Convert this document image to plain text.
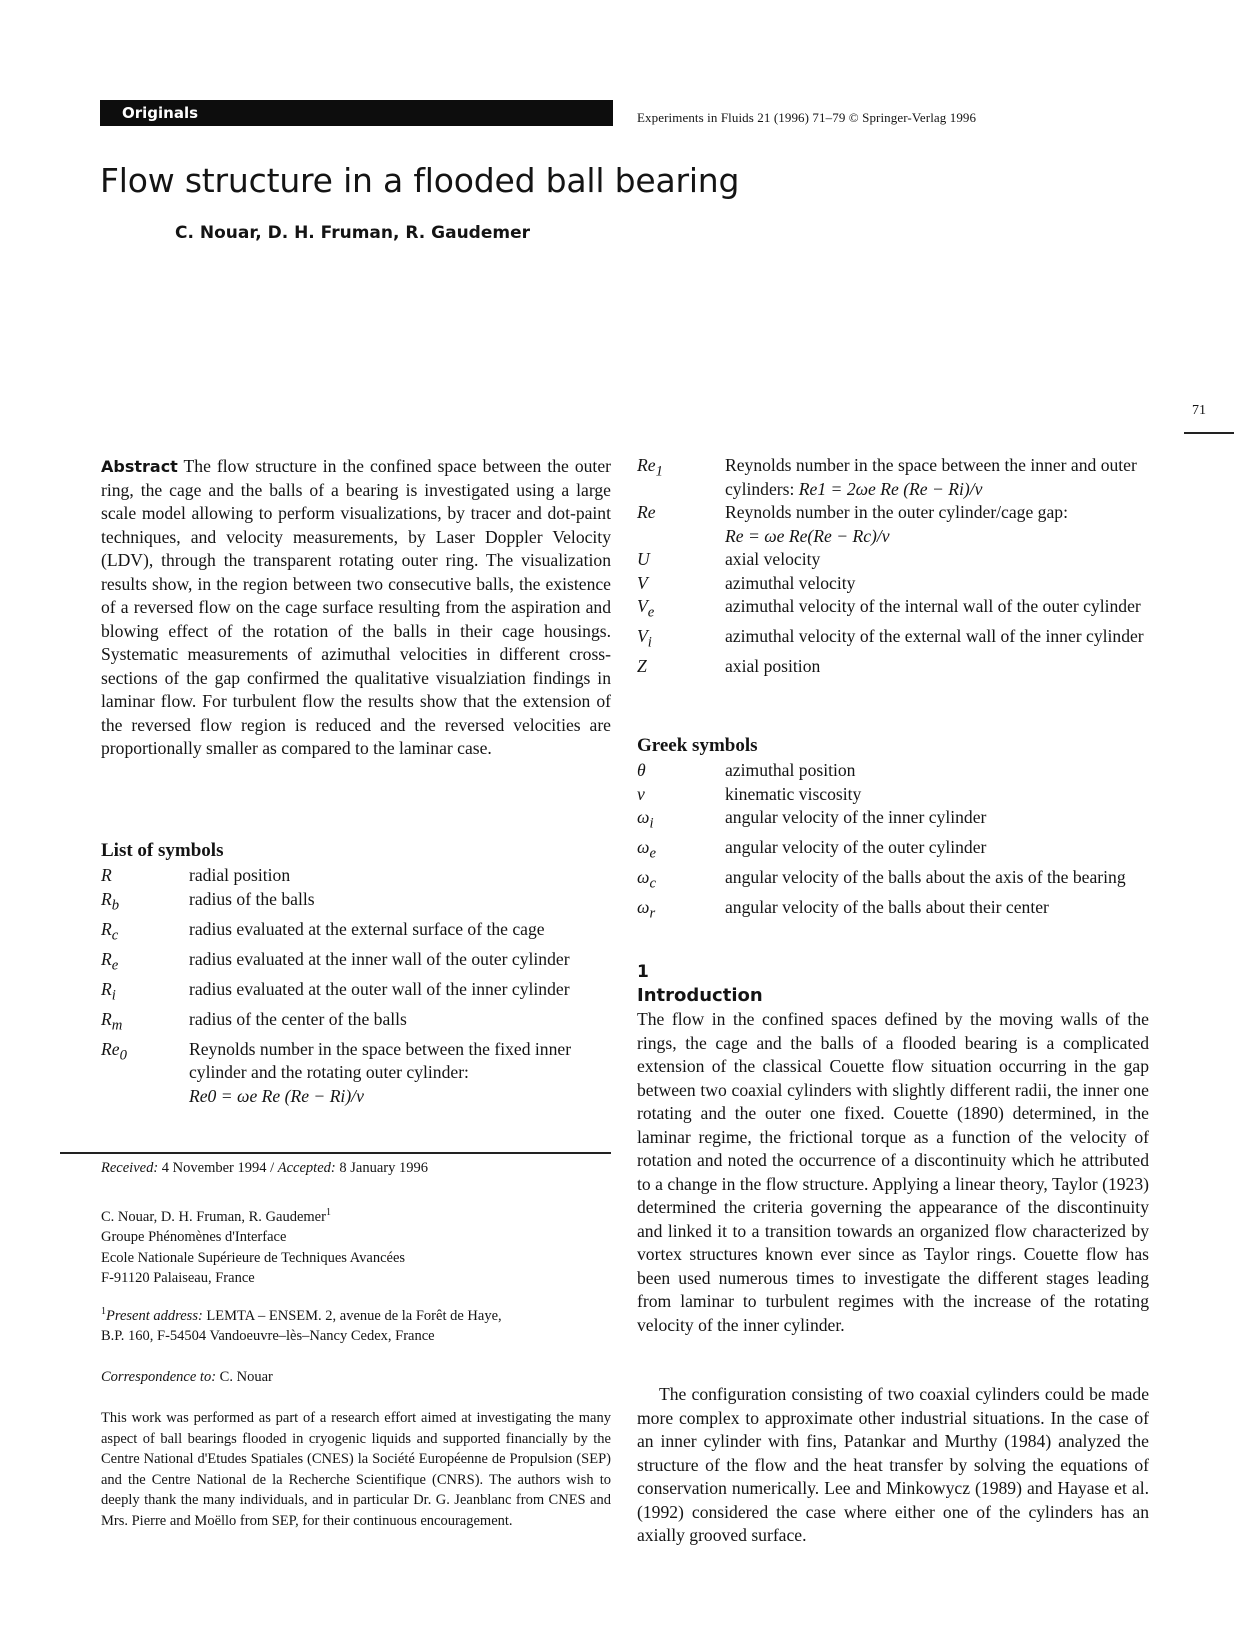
Originals	Experiments in Fluids 21 (1996) 71–79 © Springer-Verlag 1996
Flow structure in a flooded ball bearing
C. Nouar, D. H. Fruman, R. Gaudemer
71
Abstract The flow structure in the confined space between the outer ring, the cage and the balls of a bearing is investigated using a large scale model allowing to perform visualizations, by tracer and dot-paint techniques, and velocity measurements, by Laser Doppler Velocity (LDV), through the transparent rotating outer ring. The visualization results show, in the region between two consecutive balls, the existence of a reversed flow on the cage surface resulting from the aspiration and blowing effect of the rotation of the balls in their cage housings. Systematic measurements of azimuthal velocities in different cross-sections of the gap confirmed the qualitative visualziation findings in laminar flow. For turbulent flow the results show that the extension of the reversed flow region is reduced and the reversed velocities are proportionally smaller as compared to the laminar case.
List of symbols
R	radial position
$R_b$	radius of the balls
$R_c$	radius evaluated at the external surface of the cage
$R_e$	radius evaluated at the inner wall of the outer cylinder
$R_i$	radius evaluated at the outer wall of the inner cylinder
$R_m$	radius of the center of the balls
$Re_0$	Reynolds number in the space between the fixed inner cylinder and the rotating outer cylinder:
Re0 = ωe Re (Re − Ri)/ν
$Re_1$	Reynolds number in the space between the inner and outer cylinders: Re1 = 2ωe Re (Re − Ri)/ν
Re	Reynolds number in the outer cylinder/cage gap:
Re = ωe Re(Re − Rc)/ν
U	axial velocity
V	azimuthal velocity
$V_e$	azimuthal velocity of the internal wall of the outer cylinder
$V_i$	azimuthal velocity of the external wall of the inner cylinder
Z	axial position
Greek symbols
θ	azimuthal position
ν	kinematic viscosity
$\omega_i$	angular velocity of the inner cylinder
$\omega_e$	angular velocity of the outer cylinder
$\omega_c$	angular velocity of the balls about the axis of the bearing
$\omega_r$	angular velocity of the balls about their center
Received: 4 November 1994 / Accepted: 8 January 1996
C. Nouar, D. H. Fruman, R. Gaudemer$^1$
Groupe Phénomènes d'Interface
Ecole Nationale Supérieure de Techniques Avancées
F-91120 Palaiseau, France
$^1$Present address: LEMTA – ENSEM. 2, avenue de la Forêt de Haye,
B.P. 160, F-54504 Vandoeuvre–lès–Nancy Cedex, France
Correspondence to: C. Nouar
This work was performed as part of a research effort aimed at investigating the many aspect of ball bearings flooded in cryogenic liquids and supported financially by the Centre National d'Etudes Spatiales (CNES) la Société Européenne de Propulsion (SEP) and the Centre National de la Recherche Scientifique (CNRS). The authors wish to deeply thank the many individuals, and in particular Dr. G. Jeanblanc from CNES and Mrs. Pierre and Moëllo from SEP, for their continuous encouragement.
1
Introduction
The flow in the confined spaces defined by the moving walls of the rings, the cage and the balls of a flooded bearing is a complicated extension of the classical Couette flow situation occurring in the gap between two coaxial cylinders with slightly different radii, the inner one rotating and the outer one fixed. Couette (1890) determined, in the laminar regime, the frictional torque as a function of the velocity of rotation and noted the occurrence of a discontinuity which he attributed to a change in the flow structure. Applying a linear theory, Taylor (1923) determined the criteria governing the appearance of the discontinuity and linked it to a transition towards an organized flow characterized by vortex structures known ever since as Taylor rings. Couette flow has been used numerous times to investigate the different stages leading from laminar to turbulent regimes with the increase of the rotating velocity of the inner cylinder.
The configuration consisting of two coaxial cylinders could be made more complex to approximate other industrial situations. In the case of an inner cylinder with fins, Patankar and Murthy (1984) analyzed the structure of the flow and the heat transfer by solving the equations of conservation numerically. Lee and Minkowycz (1989) and Hayase et al. (1992) considered the case where either one of the cylinders has an axially grooved surface.
